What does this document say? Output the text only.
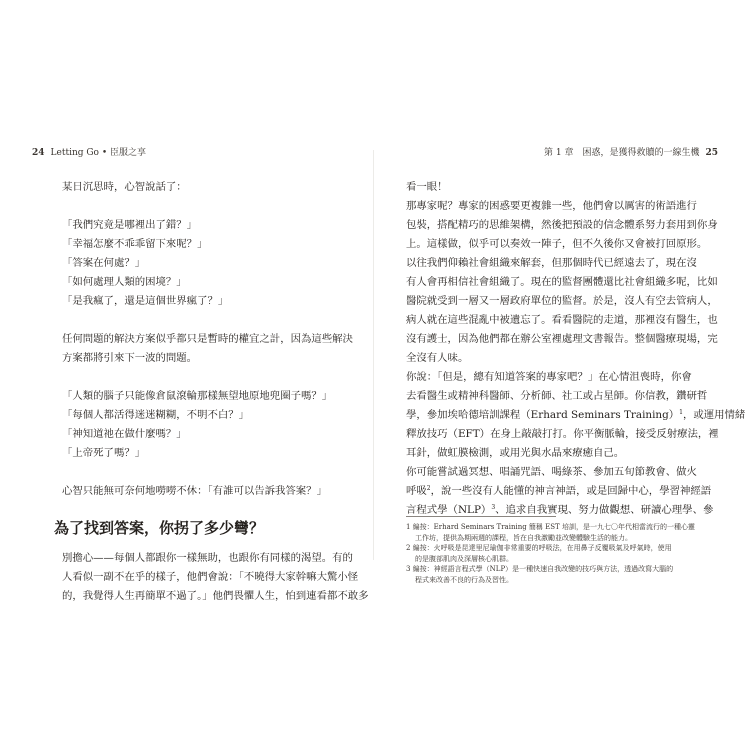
24 Letting Go • 臣服之享	第 1 章　困惑，是獲得救贖的一線生機 25
某日沉思時，心智說話了：
「我們究竟是哪裡出了錯？」
「幸福怎麼不乖乖留下來呢？」
「答案在何處？」
「如何處理人類的困境？」
「是我瘋了，還是這個世界瘋了？」
任何問題的解決方案似乎都只是暫時的權宜之計，因為這些解決
方案都將引來下一波的問題。
「人類的腦子只能像倉鼠滾輪那樣無望地原地兜圈子嗎？」
「每個人都活得迷迷糊糊，不明不白？」
「神知道祂在做什麼嗎？」
「上帝死了嗎？」
心智只能無可奈何地嘮嘮不休：「有誰可以告訴我答案？」
為了找到答案，你拐了多少彎？
別擔心——每個人都跟你一樣無助，也跟你有同樣的渴望。有的
人看似一副不在乎的樣子，他們會說：「不曉得大家幹嘛大驚小怪
的，我覺得人生再簡單不過了。」他們畏懼人生，怕到連看都不敢多
看一眼！
那專家呢？專家的困惑要更複雜一些，他們會以厲害的術語進行
包裝，搭配精巧的思維架構，然後把預設的信念體系努力套用到你身
上。這樣做，似乎可以奏效一陣子，但不久後你又會被打回原形。
以往我們仰賴社會組織來解套，但那個時代已經遠去了，現在沒
有人會再相信社會組織了。現在的監督團體還比社會組織多呢，比如
醫院就受到一層又一層政府單位的監督。於是，沒人有空去管病人，
病人就在這些混亂中被遺忘了。看看醫院的走道，那裡沒有醫生，也
沒有護士，因為他們都在辦公室裡處理文書報告。整個醫療現場，完
全沒有人味。
你說：「但是，總有知道答案的專家吧？」在心情沮喪時，你會
去看醫生或精神科醫師、分析師、社工或占星師。你信教，鑽研哲
學，參加埃哈德培訓課程（Erhard Seminars Training）$^1$，或運用情緒
釋放技巧（EFT）在身上敲敲打打。你平衡脈輪，接受反射療法，裡
耳針，做虹膜檢測，或用光與水晶來療癒自己。
你可能嘗試過冥想、唱誦咒語、喝綠茶、參加五旬節教會、做火
呼吸$^2$，說一些沒有人能懂的神言神語，或是回歸中心，學習神經語
言程式學（NLP）$^3$、追求自我實現、努力做觀想、研讀心理學、參
1 編按：Erhard Seminars Training 簡稱 EST 培訓，是一九七〇年代相當流行的一種心靈
工作坊，提供為期兩週的課程，旨在自我激勵並改變體驗生活的能力。
2 編按：火呼吸是昆達里尼瑜伽非常重要的呼吸法，在用鼻子反覆吸氣及呼氣時，使用
的是腹部肌肉及深層核心肌群。
3 編按：神經語言程式學（NLP）是一種快速自我改變的技巧與方法，透過改寫大腦的
程式來改善不良的行為及習性。
